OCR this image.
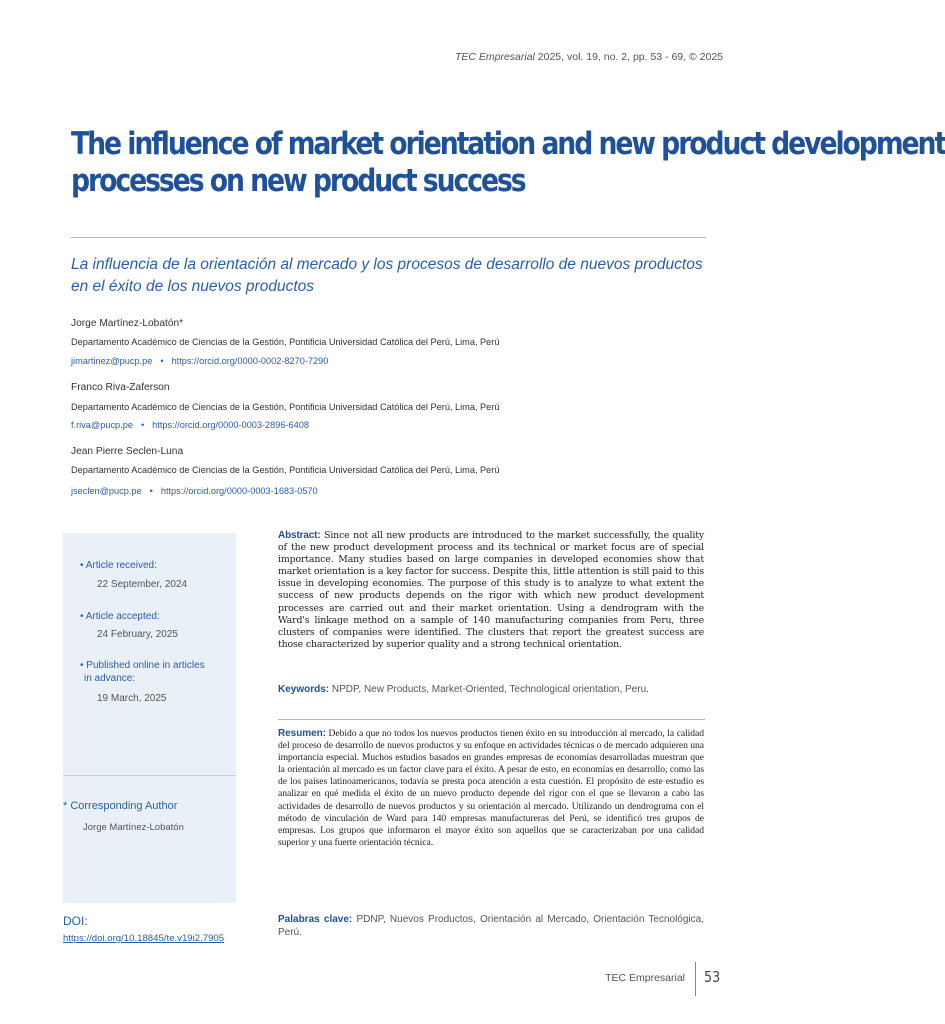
TEC Empresarial 2025, vol. 19, no. 2, pp. 53 - 69, © 2025
The influence of market orientation and new product development
processes on new product success
La influencia de la orientación al mercado y los procesos de desarrollo de nuevos productos en el éxito de los nuevos productos
Jorge Martínez-Lobatón*
Departamento Académico de Ciencias de la Gestión, Pontificia Universidad Católica del Perú, Lima, Perú
jimartinez@pucp.pe • https://orcid.org/0000-0002-8270-7290
Franco Riva-Zaferson
Departamento Académico de Ciencias de la Gestión, Pontificia Universidad Católica del Perú, Lima, Perú
f.riva@pucp.pe • https://orcid.org/0000-0003-2896-6408
Jean Pierre Seclen-Luna
Departamento Académico de Ciencias de la Gestión, Pontificia Universidad Católica del Perú, Lima, Perú
jseclen@pucp.pe • https://orcid.org/0000-0003-1683-0570
• Article received:
22 September, 2024
• Article accepted:
24 February, 2025
• Published online in articles
in advance:
19 March, 2025
* Corresponding Author
Jorge Martínez-Lobatón
DOI:
https://doi.org/10.18845/te.v19i2.7905
Abstract: Since not all new products are introduced to the market successfully, the quality of the new product development process and its technical or market focus are of special importance. Many studies based on large companies in developed economies show that market orientation is a key factor for success. Despite this, little attention is still paid to this issue in developing economies. The purpose of this study is to analyze to what extent the success of new products depends on the rigor with which new product development processes are carried out and their market orientation. Using a dendrogram with the Ward's linkage method on a sample of 140 manufacturing companies from Peru, three clusters of companies were identified. The clusters that report the greatest success are those characterized by superior quality and a strong technical orientation.
Keywords: NPDP, New Products, Market-Oriented, Technological orientation, Peru.
Resumen: Debido a que no todos los nuevos productos tienen éxito en su introducción al mercado, la calidad del proceso de desarrollo de nuevos productos y su enfoque en actividades técnicas o de mercado adquieren una importancia especial. Muchos estudios basados en grandes empresas de economías desarrolladas muestran que la orientación al mercado es un factor clave para el éxito. A pesar de esto, en economías en desarrollo, como las de los países latinoamericanos, todavía se presta poca atención a esta cuestión. El propósito de este estudio es analizar en qué medida el éxito de un nuevo producto depende del rigor con el que se llevaron a cabo las actividades de desarrollo de nuevos productos y su orientación al mercado. Utilizando un dendrograma con el método de vinculación de Ward para 140 empresas manufactureras del Perú, se identificó tres grupos de empresas. Los grupos que informaron el mayor éxito son aquellos que se caracterizaban por una calidad superior y una fuerte orientación técnica.
Palabras clave: PDNP, Nuevos Productos, Orientación al Mercado, Orientación Tecnológica, Perú.
TEC Empresarial 53
